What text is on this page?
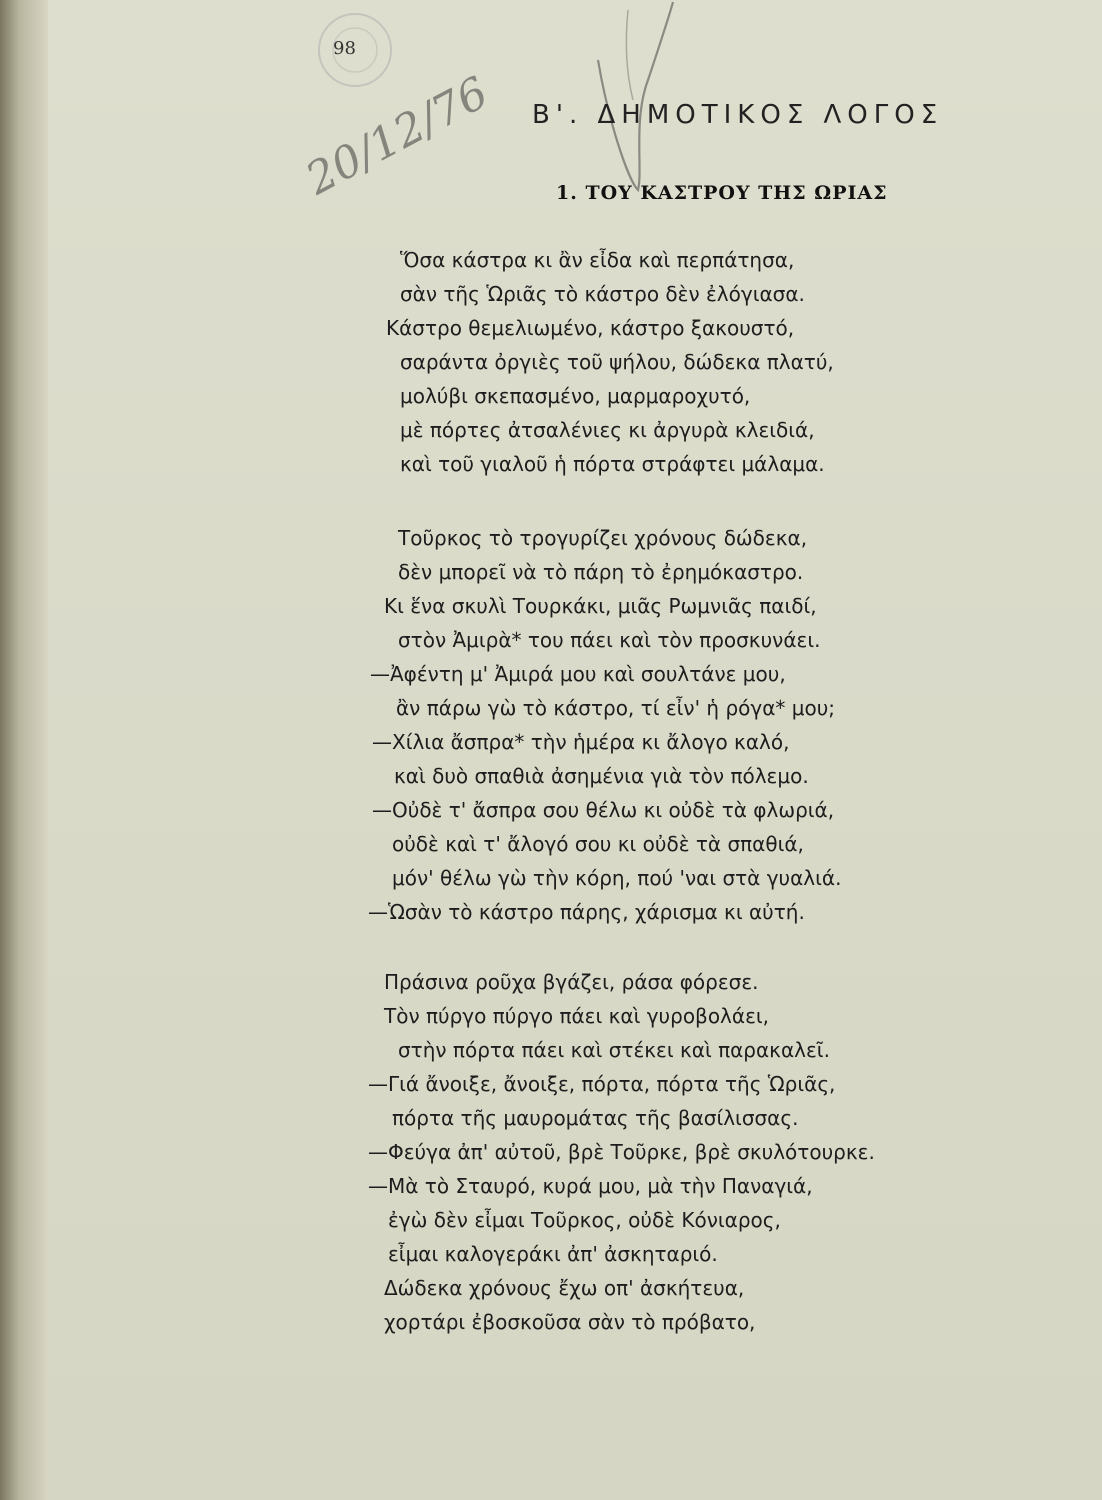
98
20/12/76 Β'. ΔΗΜΟΤΙΚΟΣ ΛΟΓΟΣ
1. ΤΟΥ ΚΑΣΤΡΟΥ ΤΗΣ ΩΡΙΑΣ
Ὅσα κάστρα κι ἂν εἶδα καὶ περπάτησα,
σὰν τῆς Ὡριᾶς τὸ κάστρο δὲν ἐλόγιασα.
Κάστρο θεμελιωμένο, κάστρο ξακουστό,
σαράντα ὀργιὲς τοῦ ψήλου, δώδεκα πλατύ,
μολύβι σκεπασμένο, μαρμαροχυτό,
μὲ πόρτες ἀτσαλένιες κι ἀργυρὰ κλειδιά,
καὶ τοῦ γιαλοῦ ἡ πόρτα στράφτει μάλαμα.
Τοῦρκος τὸ τρογυρίζει χρόνους δώδεκα,
δὲν μπορεῖ νὰ τὸ πάρη τὸ ἐρημόκαστρο.
Κι ἕνα σκυλὶ Τουρκάκι, μιᾶς Ρωμνιᾶς παιδί,
στὸν Ἀμιρὰ* του πάει καὶ τὸν προσκυνάει.
—Ἀφέντη μ' Ἀμιρά μου καὶ σουλτάνε μου,
ἂν πάρω γὼ τὸ κάστρο, τί εἶν' ἡ ρόγα* μου;
—Χίλια ἄσπρα* τὴν ἡμέρα κι ἄλογο καλό,
καὶ δυὸ σπαθιὰ ἀσημένια γιὰ τὸν πόλεμο.
—Οὐδὲ τ' ἄσπρα σου θέλω κι οὐδὲ τὰ φλωριά,
οὐδὲ καὶ τ' ἄλογό σου κι οὐδὲ τὰ σπαθιά,
μόν' θέλω γὼ τὴν κόρη, πού 'ναι στὰ γυαλιά.
—Ὡσὰν τὸ κάστρο πάρης, χάρισμα κι αὐτή.
Πράσινα ροῦχα βγάζει, ράσα φόρεσε.
Τὸν πύργο πύργο πάει καὶ γυροβολάει,
στὴν πόρτα πάει καὶ στέκει καὶ παρακαλεῖ.
—Γιά ἄνοιξε, ἄνοιξε, πόρτα, πόρτα τῆς Ὡριᾶς,
πόρτα τῆς μαυρομάτας τῆς βασίλισσας.
—Φεύγα ἀπ' αὐτοῦ, βρὲ Τοῦρκε, βρὲ σκυλότουρκε.
—Μὰ τὸ Σταυρό, κυρά μου, μὰ τὴν Παναγιά,
ἐγὼ δὲν εἶμαι Τοῦρκος, οὐδὲ Κόνιαρος,
εἶμαι καλογεράκι ἀπ' ἀσκηταριό.
Δώδεκα χρόνους ἔχω οπ' ἀσκήτευα,
χορτάρι ἐβοσκοῦσα σὰν τὸ πρόβατο,
